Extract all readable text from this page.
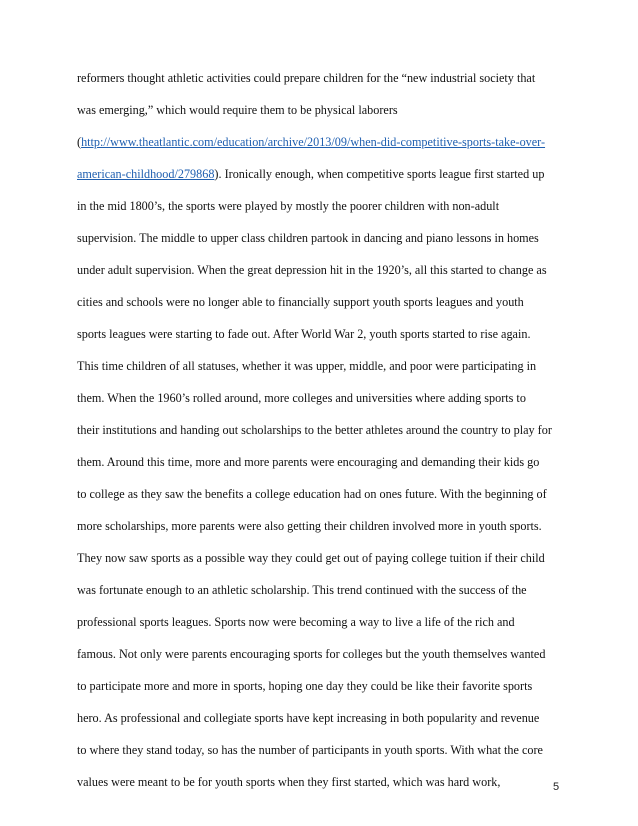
reformers thought athletic activities could prepare children for the “new industrial society that
was emerging,” which would require them to be physical laborers
(http://www.theatlantic.com/education/archive/2013/09/when-did-competitive-sports-take-over-
american-childhood/279868). Ironically enough, when competitive sports league first started up
in the mid 1800’s, the sports were played by mostly the poorer children with non-adult
supervision. The middle to upper class children partook in dancing and piano lessons in homes
under adult supervision. When the great depression hit in the 1920’s, all this started to change as
cities and schools were no longer able to financially support youth sports leagues and youth
sports leagues were starting to fade out. After World War 2, youth sports started to rise again.
This time children of all statuses, whether it was upper, middle, and poor were participating in
them. When the 1960’s rolled around, more colleges and universities where adding sports to
their institutions and handing out scholarships to the better athletes around the country to play for
them. Around this time, more and more parents were encouraging and demanding their kids go
to college as they saw the benefits a college education had on ones future. With the beginning of
more scholarships, more parents were also getting their children involved more in youth sports.
They now saw sports as a possible way they could get out of paying college tuition if their child
was fortunate enough to an athletic scholarship. This trend continued with the success of the
professional sports leagues. Sports now were becoming a way to live a life of the rich and
famous. Not only were parents encouraging sports for colleges but the youth themselves wanted
to participate more and more in sports, hoping one day they could be like their favorite sports
hero. As professional and collegiate sports have kept increasing in both popularity and revenue
to where they stand today, so has the number of participants in youth sports. With what the core
values were meant to be for youth sports when they first started, which was hard work,	5
